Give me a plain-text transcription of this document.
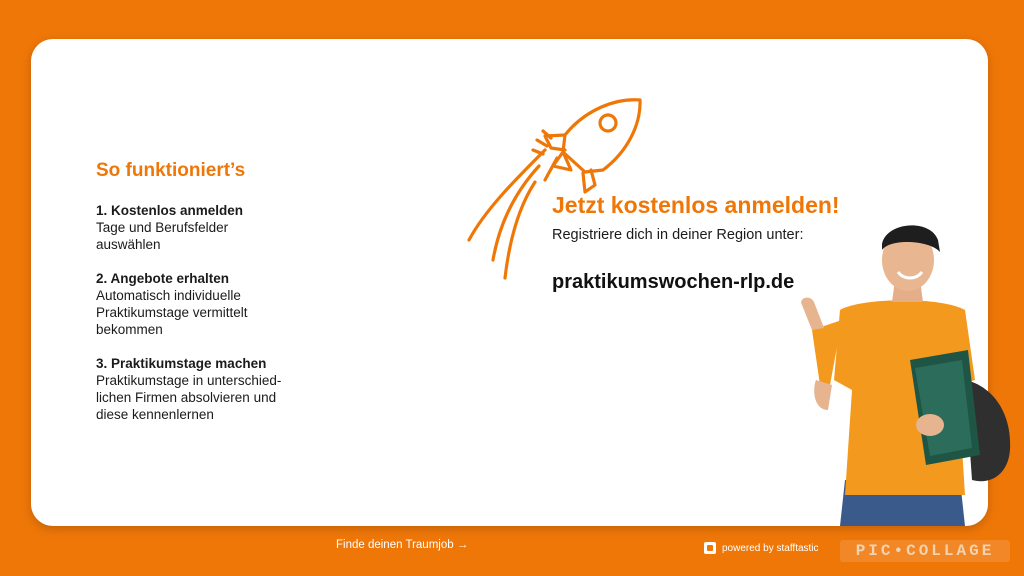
So funktioniert’s
1. Kostenlos anmelden
Tage und Berufsfelder
auswählen
2. Angebote erhalten
Automatisch individuelle
Praktikumstage vermittelt
bekommen
3. Praktikumstage machen
Praktikumstage in unterschied-
lichen Firmen absolvieren und
diese kennenlernen
Jetzt kostenlos anmelden!
Registriere dich in deiner Region unter:
praktikumswochen-rlp.de
Finde deinen Traumjob →	powered by stafftastic	PIC•COLLAGE
